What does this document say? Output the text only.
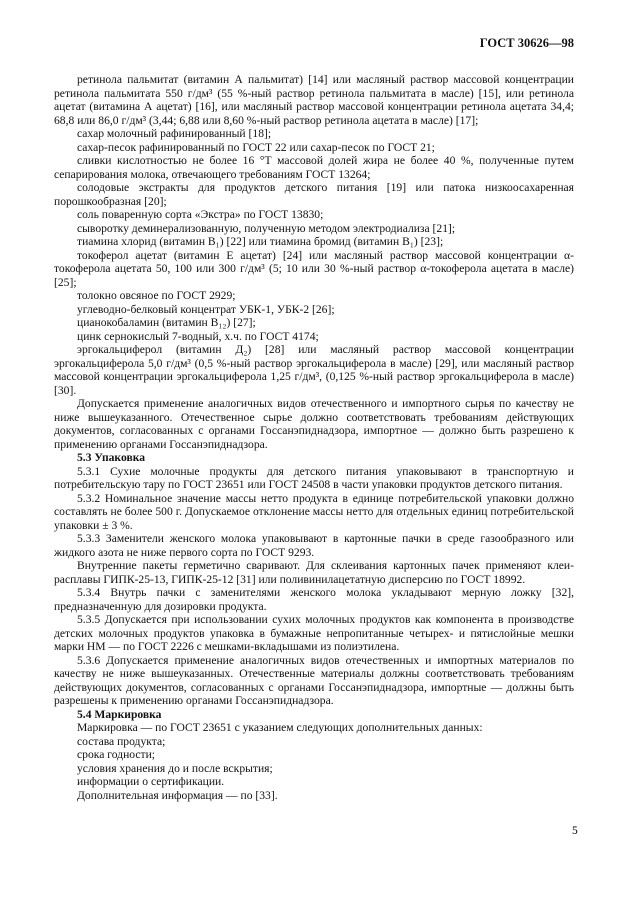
ГОСТ 30626—98

ретинола пальмитат (витамин А пальмитат) [14] или масляный раствор массовой концентрации ретинола пальмитата 550 г/дм³ (55 %-ный раствор ретинола пальмитата в масле) [15], или ретинола ацетат (витамина А ацетат) [16], или масляный раствор массовой концентрации ретинола ацетата 34,4; 68,8 или 86,0 г/дм³ (3,44; 6,88 или 8,60 %-ный раствор ретинола ацетата в масле) [17];

сахар молочный рафинированный [18];

сахар-песок рафинированный по ГОСТ 22 или сахар-песок по ГОСТ 21;

сливки кислотностью не более 16 °Т массовой долей жира не более 40 %, полученные путем сепарирования молока, отвечающего требованиям ГОСТ 13264;

солодовые экстракты для продуктов детского питания [19] или патока низкоосахаренная порошкообразная [20];

соль поваренную сорта «Экстра» по ГОСТ 13830;

сыворотку деминерализованную, полученную методом электродиализа [21];

тиамина хлорид (витамин B₁) [22] или тиамина бромид (витамин B₁) [23];

токоферол ацетат (витамин Е ацетат) [24] или масляный раствор массовой концентрации α-токоферола ацетата 50, 100 или 300 г/дм³ (5; 10 или 30 %-ный раствор α-токоферола ацетата в масле) [25];

толокно овсяное по ГОСТ 2929;

углеводно-белковый концентрат УБК-1, УБК-2 [26];

цианокобаламин (витамин B₁₂) [27];

цинк сернокислый 7-водный, х.ч. по ГОСТ 4174;

эргокальциферол (витамин Д₂) [28] или масляный раствор массовой концентрации эргокальциферола 5,0 г/дм³ (0,5 %-ный раствор эргокальциферола в масле) [29], или масляный раствор массовой концентрации эргокальциферола 1,25 г/дм³, (0,125 %-ный раствор эргокальциферола в масле) [30].

Допускается применение аналогичных видов отечественного и импортного сырья по качеству не ниже вышеуказанного. Отечественное сырье должно соответствовать требованиям действующих документов, согласованных с органами Госсанэпиднадзора, импортное — должно быть разрешено к применению органами Госсанэпиднадзора.

5.3 Упаковка

5.3.1 Сухие молочные продукты для детского питания упаковывают в транспортную и потребительскую тару по ГОСТ 23651 или ГОСТ 24508 в части упаковки продуктов детского питания.

5.3.2 Номинальное значение массы нетто продукта в единице потребительской упаковки должно составлять не более 500 г. Допускаемое отклонение массы нетто для отдельных единиц потребительской упаковки ± 3 %.

5.3.3 Заменители женского молока упаковывают в картонные пачки в среде газообразного или жидкого азота не ниже первого сорта по ГОСТ 9293.

Внутренние пакеты герметично сваривают. Для склеивания картонных пачек применяют клеи-расплавы ГИПК-25-13, ГИПК-25-12 [31] или поливинилацетатную дисперсию по ГОСТ 18992.

5.3.4 Внутрь пачки с заменителями женского молока укладывают мерную ложку [32], предназначенную для дозировки продукта.

5.3.5 Допускается при использовании сухих молочных продуктов как компонента в производстве детских молочных продуктов упаковка в бумажные непропитанные четырех- и пятислойные мешки марки НМ — по ГОСТ 2226 с мешками-вкладышами из полиэтилена.

5.3.6 Допускается применение аналогичных видов отечественных и импортных материалов по качеству не ниже вышеуказанных. Отечественные материалы должны соответствовать требованиям действующих документов, согласованных с органами Госсанэпиднадзора, импортные — должны быть разрешены к применению органами Госсанэпиднадзора.

5.4 Маркировка

Маркировка — по ГОСТ 23651 с указанием следующих дополнительных данных:

состава продукта;

срока годности;

условия хранения до и после вскрытия;

информации о сертификации.

Дополнительная информация — по [33].

5
